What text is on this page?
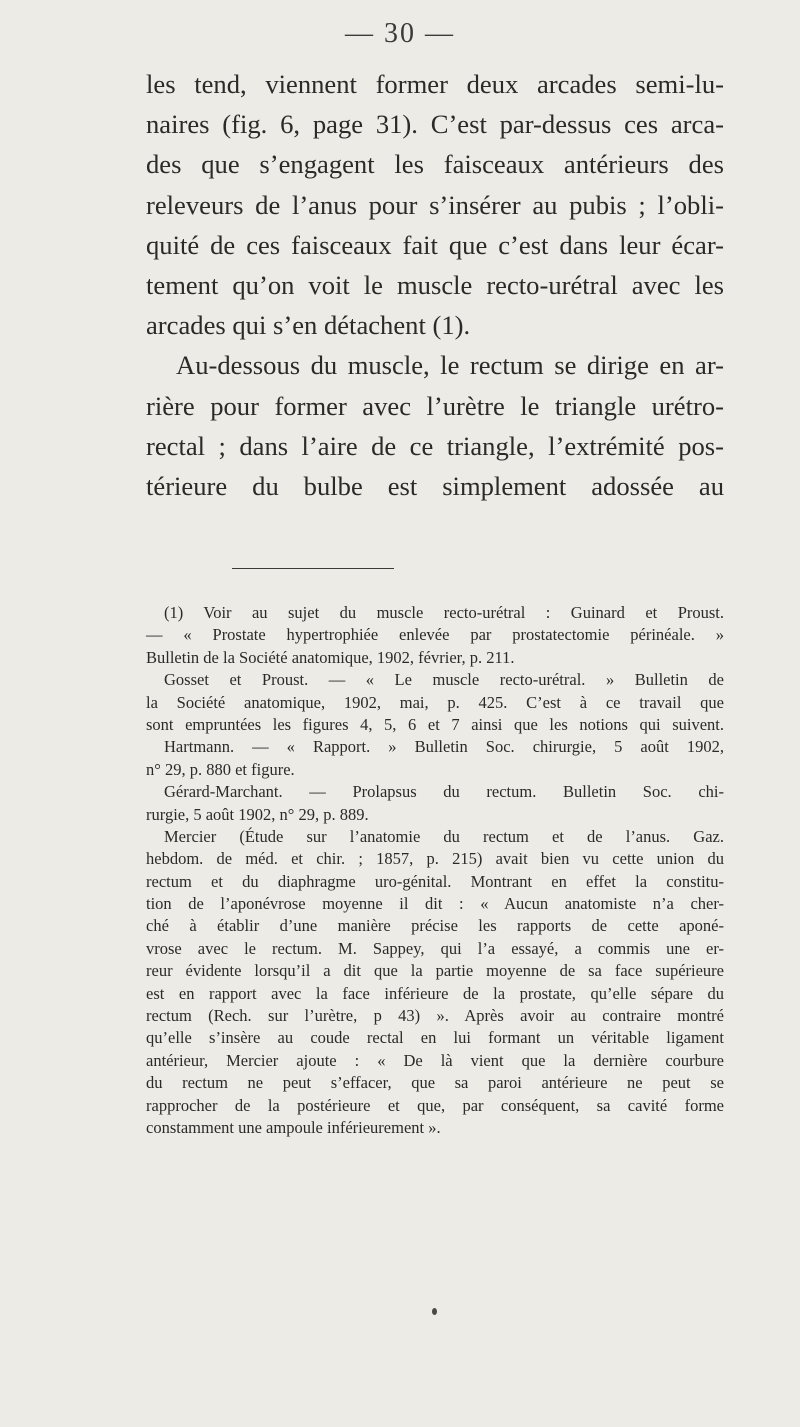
— 30 —
les tend, viennent former deux arcades semi-lu-
naires (fig. 6, page 31). C’est par-dessus ces arca-
des que s’engagent les faisceaux antérieurs des
releveurs de l’anus pour s’insérer au pubis ; l’obli-
quité de ces faisceaux fait que c’est dans leur écar-
tement qu’on voit le muscle recto-urétral avec les
arcades qui s’en détachent (1).
Au-dessous du muscle, le rectum se dirige en ar-
rière pour former avec l’urètre le triangle urétro-
rectal ; dans l’aire de ce triangle, l’extrémité pos-
térieure du bulbe est simplement adossée au
(1) Voir au sujet du muscle recto-urétral : Guinard et Proust.
— « Prostate hypertrophiée enlevée par prostatectomie périnéale. »
Bulletin de la Société anatomique, 1902, février, p. 211.
Gosset et Proust. — « Le muscle recto-urétral. » Bulletin de
la Société anatomique, 1902, mai, p. 425. C’est à ce travail que
sont empruntées les figures 4, 5, 6 et 7 ainsi que les notions qui suivent.
Hartmann. — « Rapport. » Bulletin Soc. chirurgie, 5 août 1902,
n° 29, p. 880 et figure.
Gérard-Marchant. — Prolapsus du rectum. Bulletin Soc. chi-
rurgie, 5 août 1902, n° 29, p. 889.
Mercier (Étude sur l’anatomie du rectum et de l’anus. Gaz.
hebdom. de méd. et chir. ; 1857, p. 215) avait bien vu cette union du
rectum et du diaphragme uro-génital. Montrant en effet la constitu-
tion de l’aponévrose moyenne il dit : « Aucun anatomiste n’a cher-
ché à établir d’une manière précise les rapports de cette aponé-
vrose avec le rectum. M. Sappey, qui l’a essayé, a commis une er-
reur évidente lorsqu’il a dit que la partie moyenne de sa face supérieure
est en rapport avec la face inférieure de la prostate, qu’elle sépare du
rectum (Rech. sur l’urètre, p 43) ». Après avoir au contraire montré
qu’elle s’insère au coude rectal en lui formant un véritable ligament
antérieur, Mercier ajoute : « De là vient que la dernière courbure
du rectum ne peut s’effacer, que sa paroi antérieure ne peut se
rapprocher de la postérieure et que, par conséquent, sa cavité forme
constamment une ampoule inférieurement ».
